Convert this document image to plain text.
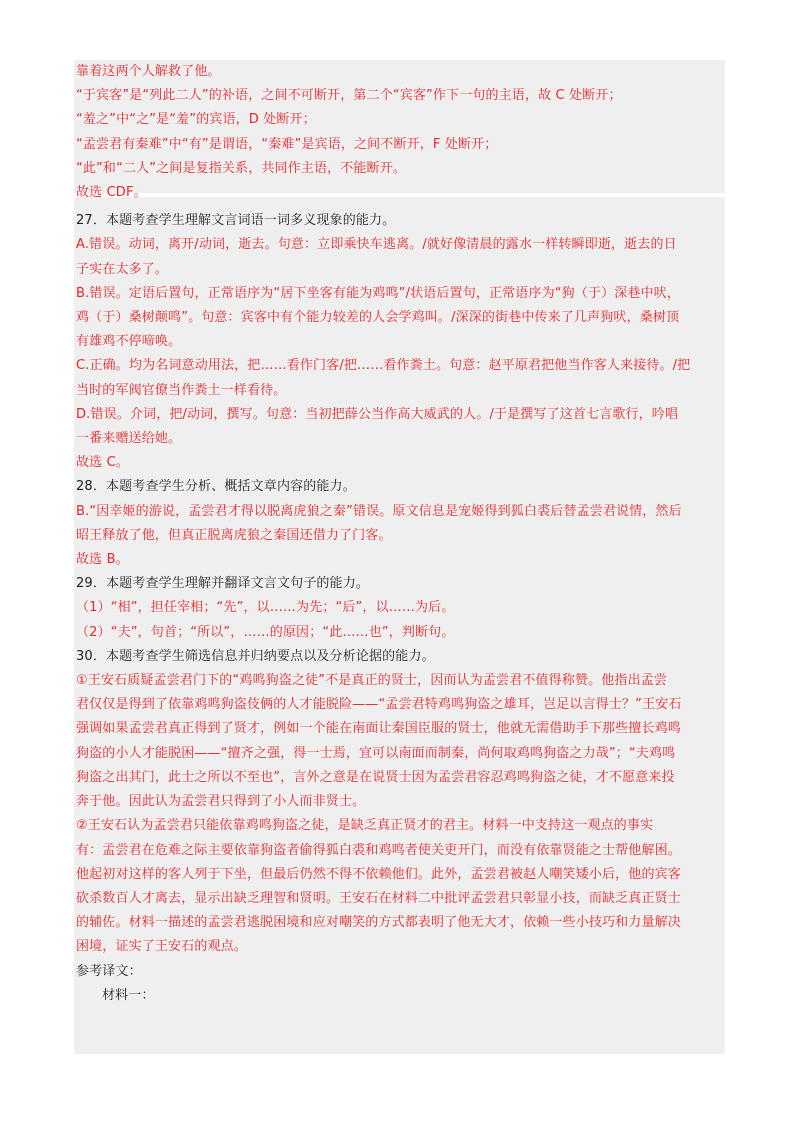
靠着这两个人解救了他。
“于宾客”是“列此二人”的补语，之间不可断开，第二个“宾客”作下一句的主语，故 C 处断开；
“羞之”中“之”是“羞”的宾语，D 处断开；
“孟尝君有秦难”中“有”是谓语，“秦难”是宾语，之间不断开，F 处断开；
“此”和“二人”之间是复指关系，共同作主语，不能断开。
故选 CDF。
27．本题考查学生理解文言词语一词多义现象的能力。
A.错误。动词，离开/动词，逝去。句意：立即乘快车逃离。/就好像清晨的露水一样转瞬即逝，逝去的日
子实在太多了。
B.错误。定语后置句，正常语序为“居下坐客有能为鸡鸣”/状语后置句，正常语序为“狗（于）深巷中吠，
鸡（于）桑树颠鸣”。句意：宾客中有个能力较差的人会学鸡叫。/深深的街巷中传来了几声狗吠，桑树顶
有雄鸡不停啼唤。
C.正确。均为名词意动用法，把……看作门客/把……看作粪土。句意：赵平原君把他当作客人来接待。/把
当时的军阀官僚当作粪土一样看待。
D.错误。介词，把/动词，撰写。句意：当初把薛公当作高大威武的人。/于是撰写了这首七言歌行，吟唱
一番来赠送给她。
故选 C。
28．本题考查学生分析、概括文章内容的能力。
B.“因幸姬的游说，孟尝君才得以脱离虎狼之秦”错误。原文信息是宠姬得到狐白裘后替孟尝君说情，然后
昭王释放了他，但真正脱离虎狼之秦国还借力了门客。
故选 B。
29．本题考查学生理解并翻译文言文句子的能力。
（1）“相”，担任宰相；“先”，以……为先；“后”，以……为后。
（2）“夫”，句首；“所以”，……的原因；“此……也”，判断句。
30．本题考查学生筛选信息并归纳要点以及分析论据的能力。
①王安石质疑孟尝君门下的“鸡鸣狗盗之徒”不是真正的贤士，因而认为孟尝君不值得称赞。他指出孟尝
君仅仅是得到了依靠鸡鸣狗盗伎俩的人才能脱险——“孟尝君特鸡鸣狗盗之雄耳，岂足以言得士？”王安石
强调如果孟尝君真正得到了贤才，例如一个能在南面让秦国臣服的贤士，他就无需借助手下那些擅长鸡鸣
狗盗的小人才能脱困——“擅齐之强，得一士焉，宜可以南面而制秦，尚何取鸡鸣狗盗之力哉”；“夫鸡鸣
狗盗之出其门，此士之所以不至也”，言外之意是在说贤士因为孟尝君容忍鸡鸣狗盗之徒，才不愿意来投
奔于他。因此认为孟尝君只得到了小人而非贤士。
②王安石认为孟尝君只能依靠鸡鸣狗盗之徒，是缺乏真正贤才的君主。材料一中支持这一观点的事实
有：孟尝君在危难之际主要依靠狗盗者偷得狐白裘和鸡鸣者使关吏开门，而没有依靠贤能之士帮他解困。
他起初对这样的客人列于下坐，但最后仍然不得不依赖他们。此外，孟尝君被赵人嘲笑矮小后，他的宾客
砍杀数百人才离去，显示出缺乏理智和贤明。王安石在材料二中批评孟尝君只彰显小技，而缺乏真正贤士
的辅佐。材料一描述的孟尝君逃脱困境和应对嘲笑的方式都表明了他无大才，依赖一些小技巧和力量解决
困境，证实了王安石的观点。
参考译文：
材料一：
